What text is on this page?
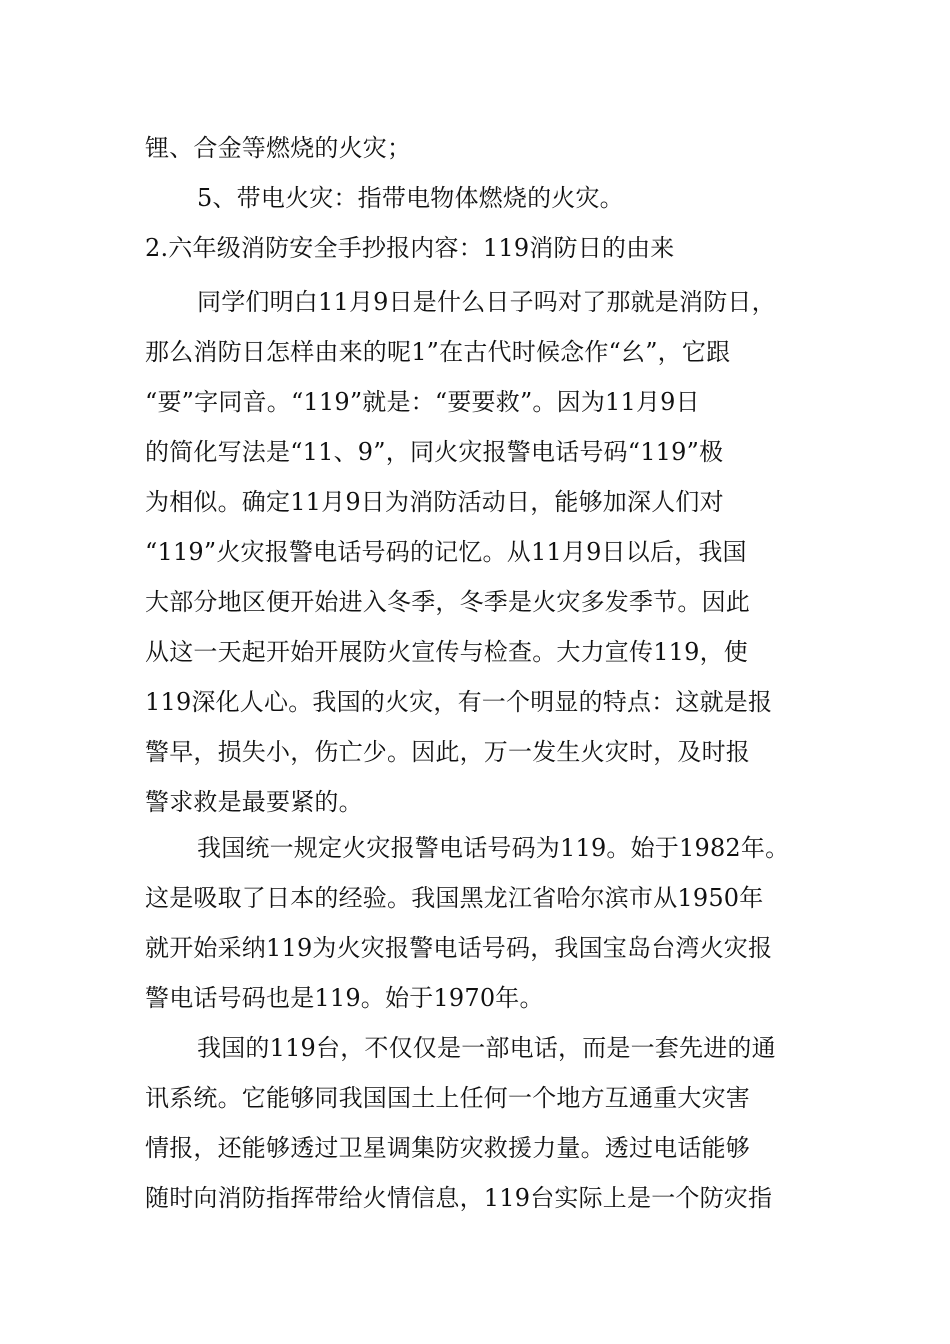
锂、合金等燃烧的火灾；
5、带电火灾：指带电物体燃烧的火灾。
2.六年级消防安全手抄报内容：119消防日的由来
同学们明白11月9日是什么日子吗对了那就是消防日，
那么消防日怎样由来的呢1”在古代时候念作“幺”，它跟
“要”字同音。“119”就是：“要要救”。因为11月9日
的简化写法是“11、9”，同火灾报警电话号码“119”极
为相似。确定11月9日为消防活动日，能够加深人们对
“119”火灾报警电话号码的记忆。从11月9日以后，我国
大部分地区便开始进入冬季，冬季是火灾多发季节。因此
从这一天起开始开展防火宣传与检查。大力宣传119，使
119深化人心。我国的火灾，有一个明显的特点：这就是报
警早，损失小，伤亡少。因此，万一发生火灾时，及时报
警求救是最要紧的。
我国统一规定火灾报警电话号码为119。始于1982年。
这是吸取了日本的经验。我国黑龙江省哈尔滨市从1950年
就开始采纳119为火灾报警电话号码，我国宝岛台湾火灾报
警电话号码也是119。始于1970年。
我国的119台，不仅仅是一部电话，而是一套先进的通
讯系统。它能够同我国国土上任何一个地方互通重大灾害
情报，还能够透过卫星调集防灾救援力量。透过电话能够
随时向消防指挥带给火情信息，119台实际上是一个防灾指
